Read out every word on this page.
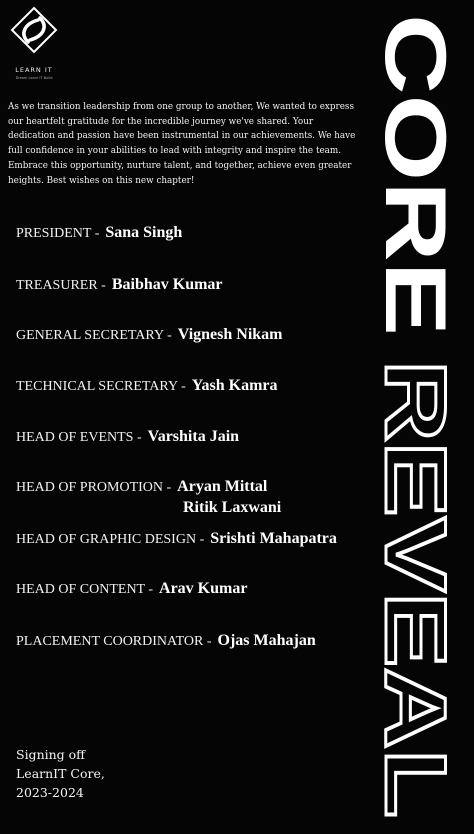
LEARN IT
Dream Learn IT Build
As we transition leadership from one group to another, We wanted to express our heartfelt gratitude for the incredible journey we've shared. Your dedication and passion have been instrumental in our achievements. We have full confidence in your abilities to lead with integrity and inspire the team. Embrace this opportunity, nurture talent, and together, achieve even greater heights. Best wishes on this new chapter!
PRESIDENT - Sana Singh
TREASURER - Baibhav Kumar
GENERAL SECRETARY - Vignesh Nikam
TECHNICAL SECRETARY - Yash Kamra
HEAD OF EVENTS - Varshita Jain
HEAD OF PROMOTION - Aryan Mittal
Ritik Laxwani
HEAD OF GRAPHIC DESIGN - Srishti Mahapatra
HEAD OF CONTENT - Arav Kumar
PLACEMENT COORDINATOR - Ojas Mahajan
Signing off
LearnIT Core,
2023-2024
CORE
REVEAL
